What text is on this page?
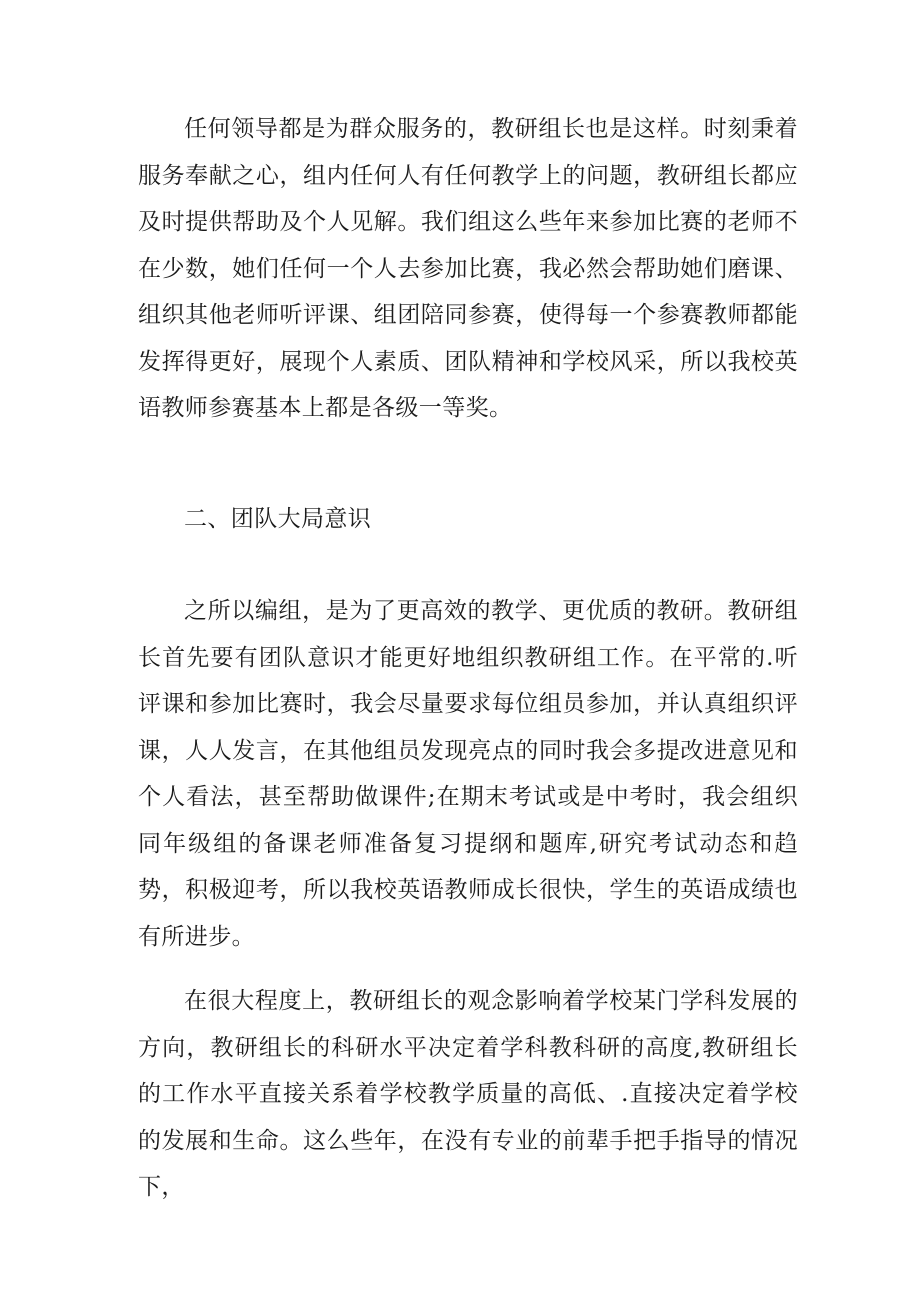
任何领导都是为群众服务的，教研组长也是这样。时刻秉着服务奉献之心，组内任何人有任何教学上的问题，教研组长都应及时提供帮助及个人见解。我们组这么些年来参加比赛的老师不在少数，她们任何一个人去参加比赛，我必然会帮助她们磨课、组织其他老师听评课、组团陪同参赛，使得每一个参赛教师都能发挥得更好，展现个人素质、团队精神和学校风采，所以我校英语教师参赛基本上都是各级一等奖。

二、团队大局意识

之所以编组，是为了更高效的教学、更优质的教研。教研组长首先要有团队意识才能更好地组织教研组工作。在平常的.听评课和参加比赛时，我会尽量要求每位组员参加，并认真组织评课，人人发言，在其他组员发现亮点的同时我会多提改进意见和个人看法，甚至帮助做课件;在期末考试或是中考时，我会组织同年级组的备课老师准备复习提纲和题库,研究考试动态和趋势，积极迎考，所以我校英语教师成长很快，学生的英语成绩也有所进步。

在很大程度上，教研组长的观念影响着学校某门学科发展的方向，教研组长的科研水平决定着学科教科研的高度,教研组长的工作水平直接关系着学校教学质量的高低、.直接决定着学校的发展和生命。这么些年，在没有专业的前辈手把手指导的情况下，
